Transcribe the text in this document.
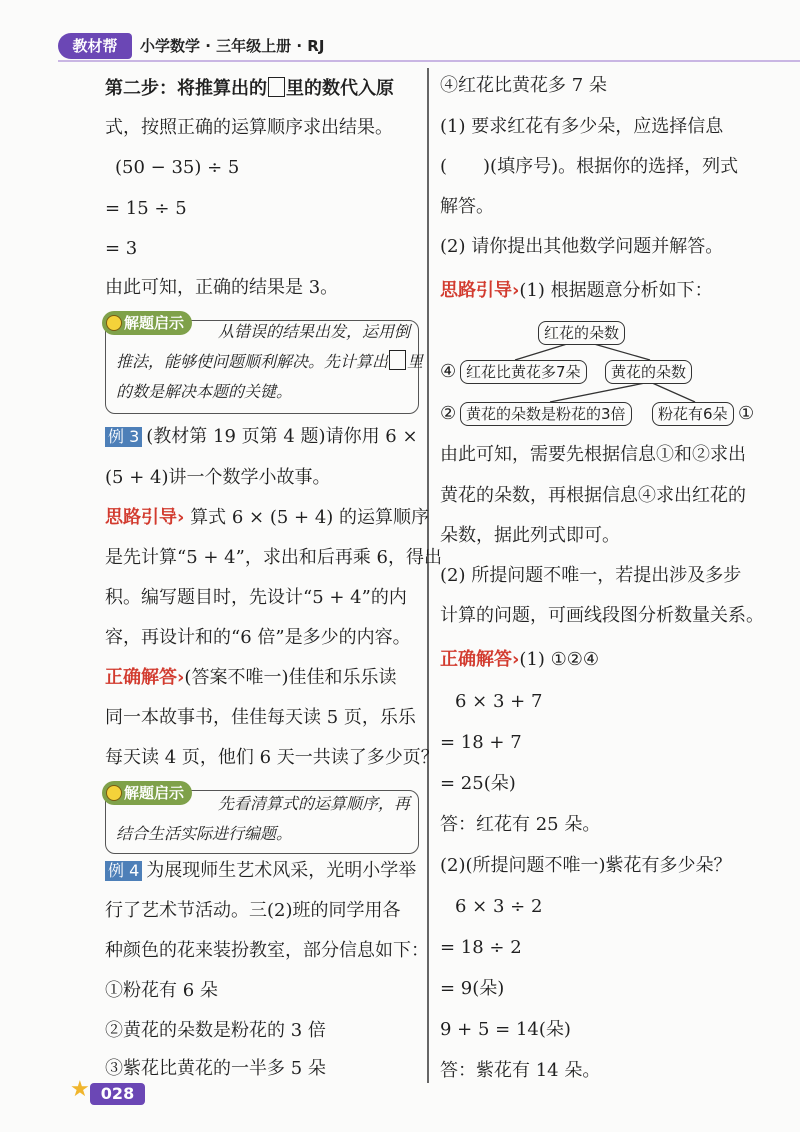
教材帮	小学数学 · 三年级上册 · RJ
第二步：将推算出的 里的数代入原
式，按照正确的运算顺序求出结果。
(50 − 35) ÷ 5
= 15 ÷ 5
= 3
由此可知，正确的结果是 3。
解题启示	从错误的结果出发，运用倒
推法，能够使问题顺利解决。先计算出 里
的数是解决本题的关键。
例 3 (教材第 19 页第 4 题)请你用 6 ×
(5 + 4)讲一个数学小故事。
思路引导› 算式 6 × (5 + 4) 的运算顺序
是先计算“5 + 4”，求出和后再乘 6，得出
积。编写题目时，先设计“5 + 4”的内
容，再设计和的“6 倍”是多少的内容。
正确解答›(答案不唯一)佳佳和乐乐读
同一本故事书，佳佳每天读 5 页，乐乐
每天读 4 页，他们 6 天一共读了多少页？
解题启示
先看清算式的运算顺序，再
结合生活实际进行编题。
例 4 为展现师生艺术风采，光明小学举
行了艺术节活动。三(2)班的同学用各
种颜色的花来装扮教室，部分信息如下：
①粉花有 6 朵
②黄花的朵数是粉花的 3 倍
③紫花比黄花的一半多 5 朵
④红花比黄花多 7 朵
(1) 要求红花有多少朵，应选择信息
(　　)(填序号)。根据你的选择，列式
解答。
(2) 请你提出其他数学问题并解答。
思路引导›(1) 根据题意分析如下：
红花的朵数
④ 红花比黄花多7朵	黄花的朵数
② 黄花的朵数是粉花的3倍	粉花有6朵 ①
由此可知，需要先根据信息①和②求出
黄花的朵数，再根据信息④求出红花的
朵数，据此列式即可。
(2) 所提问题不唯一，若提出涉及多步
计算的问题，可画线段图分析数量关系。
正确解答›(1) ①②④
6 × 3 + 7
= 18 + 7
= 25(朵)
答：红花有 25 朵。
(2)(所提问题不唯一)紫花有多少朵？
6 × 3 ÷ 2
= 18 ÷ 2
= 9(朵)
9 + 5 = 14(朵)
答：紫花有 14 朵。
★ 028
